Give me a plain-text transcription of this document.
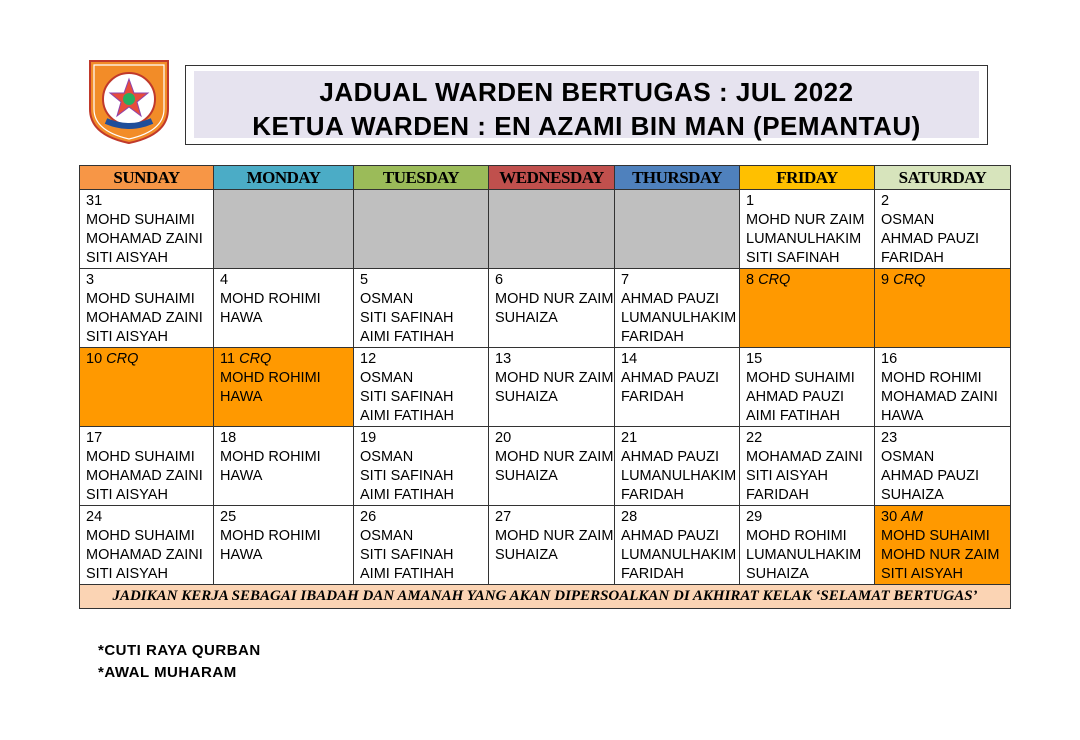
JADUAL WARDEN BERTUGAS : JUL 2022
KETUA WARDEN : EN AZAMI BIN MAN (PEMANTAU)
SUNDAY	MONDAY	TUESDAY	WEDNESDAY	THURSDAY	FRIDAY	SATURDAY

31
MOHD SUHAIMI
MOHAMAD ZAINI
SITI AISYAH					1
MOHD NUR ZAIM
LUMANULHAKIM
SITI SAFINAH	2
OSMAN
AHMAD PAUZI
FARIDAH

3
MOHD SUHAIMI
MOHAMAD ZAINI
SITI AISYAH	4
MOHD ROHIMI
HAWA	5
OSMAN
SITI SAFINAH
AIMI FATIHAH	6
MOHD NUR ZAIM
SUHAIZA	7
AHMAD PAUZI
LUMANULHAKIM
FARIDAH	8 CRQ	9 CRQ

10 CRQ	11 CRQ
MOHD ROHIMI
HAWA	12
OSMAN
SITI SAFINAH
AIMI FATIHAH	13
MOHD NUR ZAIM
SUHAIZA	14
AHMAD PAUZI
FARIDAH	15
MOHD SUHAIMI
AHMAD PAUZI
AIMI FATIHAH	16
MOHD ROHIMI
MOHAMAD ZAINI
HAWA

17
MOHD SUHAIMI
MOHAMAD ZAINI
SITI AISYAH	18
MOHD ROHIMI
HAWA	19
OSMAN
SITI SAFINAH
AIMI FATIHAH	20
MOHD NUR ZAIM
SUHAIZA	21
AHMAD PAUZI
LUMANULHAKIM
FARIDAH	22
MOHAMAD ZAINI
SITI AISYAH
FARIDAH	23
OSMAN
AHMAD PAUZI
SUHAIZA

24
MOHD SUHAIMI
MOHAMAD ZAINI
SITI AISYAH	25
MOHD ROHIMI
HAWA	26
OSMAN
SITI SAFINAH
AIMI FATIHAH	27
MOHD NUR ZAIM
SUHAIZA	28
AHMAD PAUZI
LUMANULHAKIM
FARIDAH	29
MOHD ROHIMI
LUMANULHAKIM
SUHAIZA	30 AM
MOHD SUHAIMI
MOHD NUR ZAIM
SITI AISYAH

JADIKAN KERJA SEBAGAI IBADAH DAN AMANAH YANG AKAN DIPERSOALKAN DI AKHIRAT KELAK ‘SELAMAT BERTUGAS’						
*CUTI RAYA QURBAN
*AWAL MUHARAM
